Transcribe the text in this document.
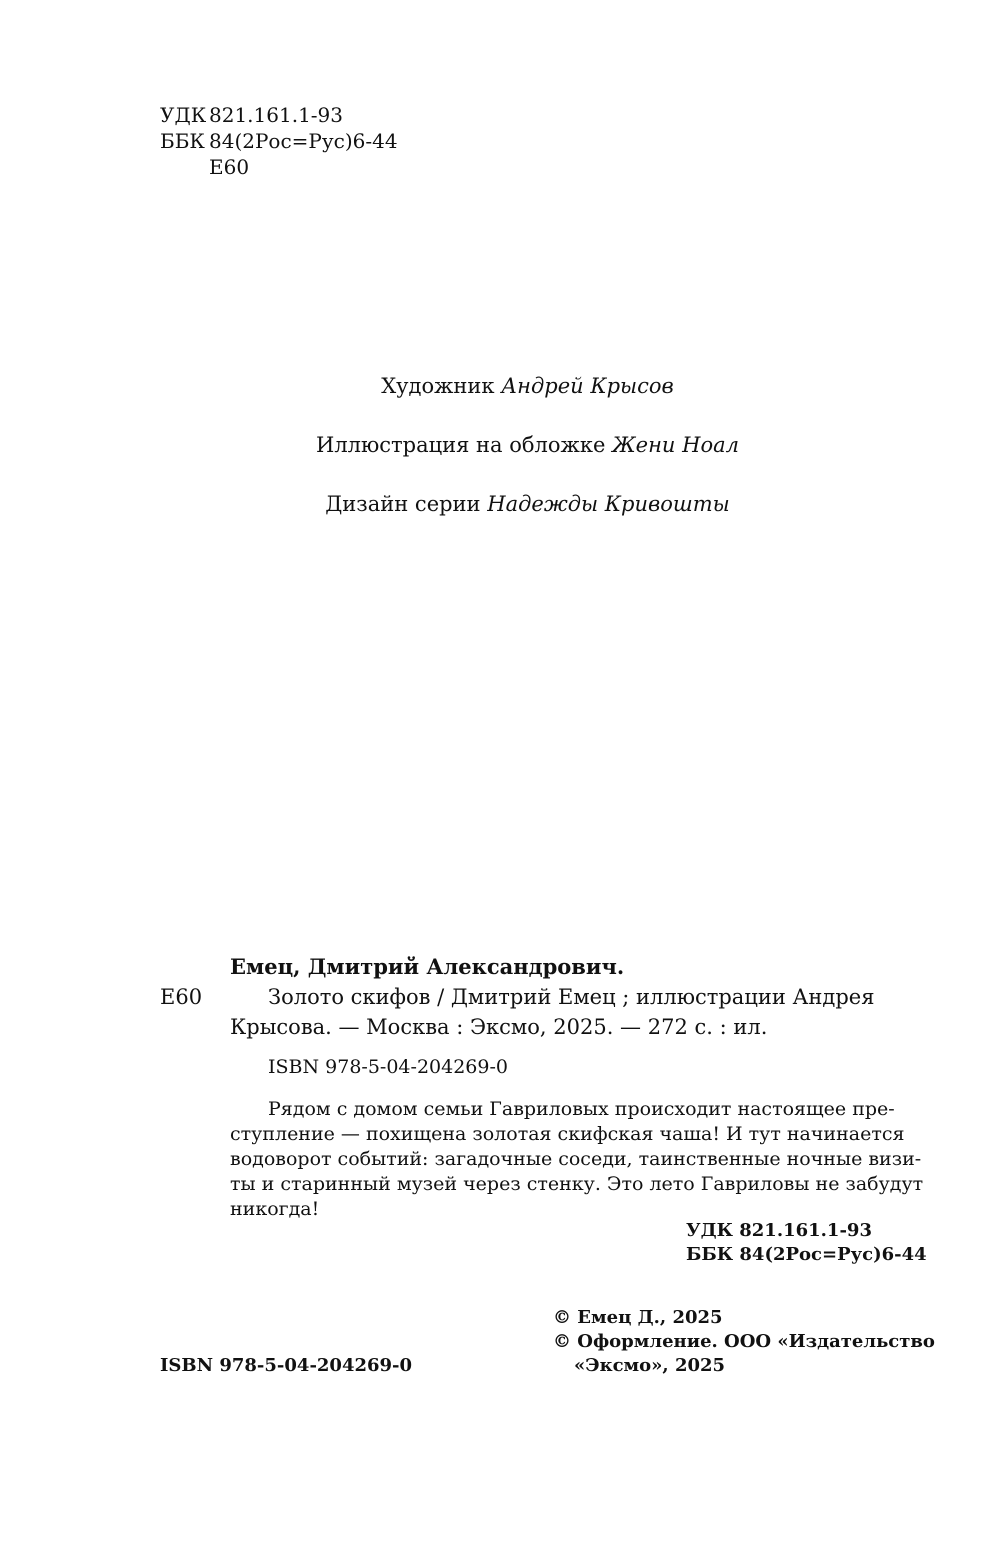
УДК 821.161.1-93
ББК 84(2Рос=Рус)6-44
Е60
Художник Андрей Крысов
Иллюстрация на обложке Жени Ноал
Дизайн серии Надежды Кривошты
Емец, Дмитрий Александрович.
Е60	Золото скифов / Дмитрий Емец ; иллюстрации Андрея
Крысова. — Москва : Эксмо, 2025. — 272 с. : ил.
ISBN 978-5-04-204269-0
Рядом с домом семьи Гавриловых происходит настоящее пре-
ступление — похищена золотая скифская чаша! И тут начинается
водоворот событий: загадочные соседи, таинственные ночные визи-
ты и старинный музей через стенку. Это лето Гавриловы не забудут
никогда!
УДК 821.161.1-93
ББК 84(2Рос=Рус)6-44
© Емец Д., 2025
© Оформление. ООО «Издательство
ISBN 978-5-04-204269-0	«Эксмо», 2025
